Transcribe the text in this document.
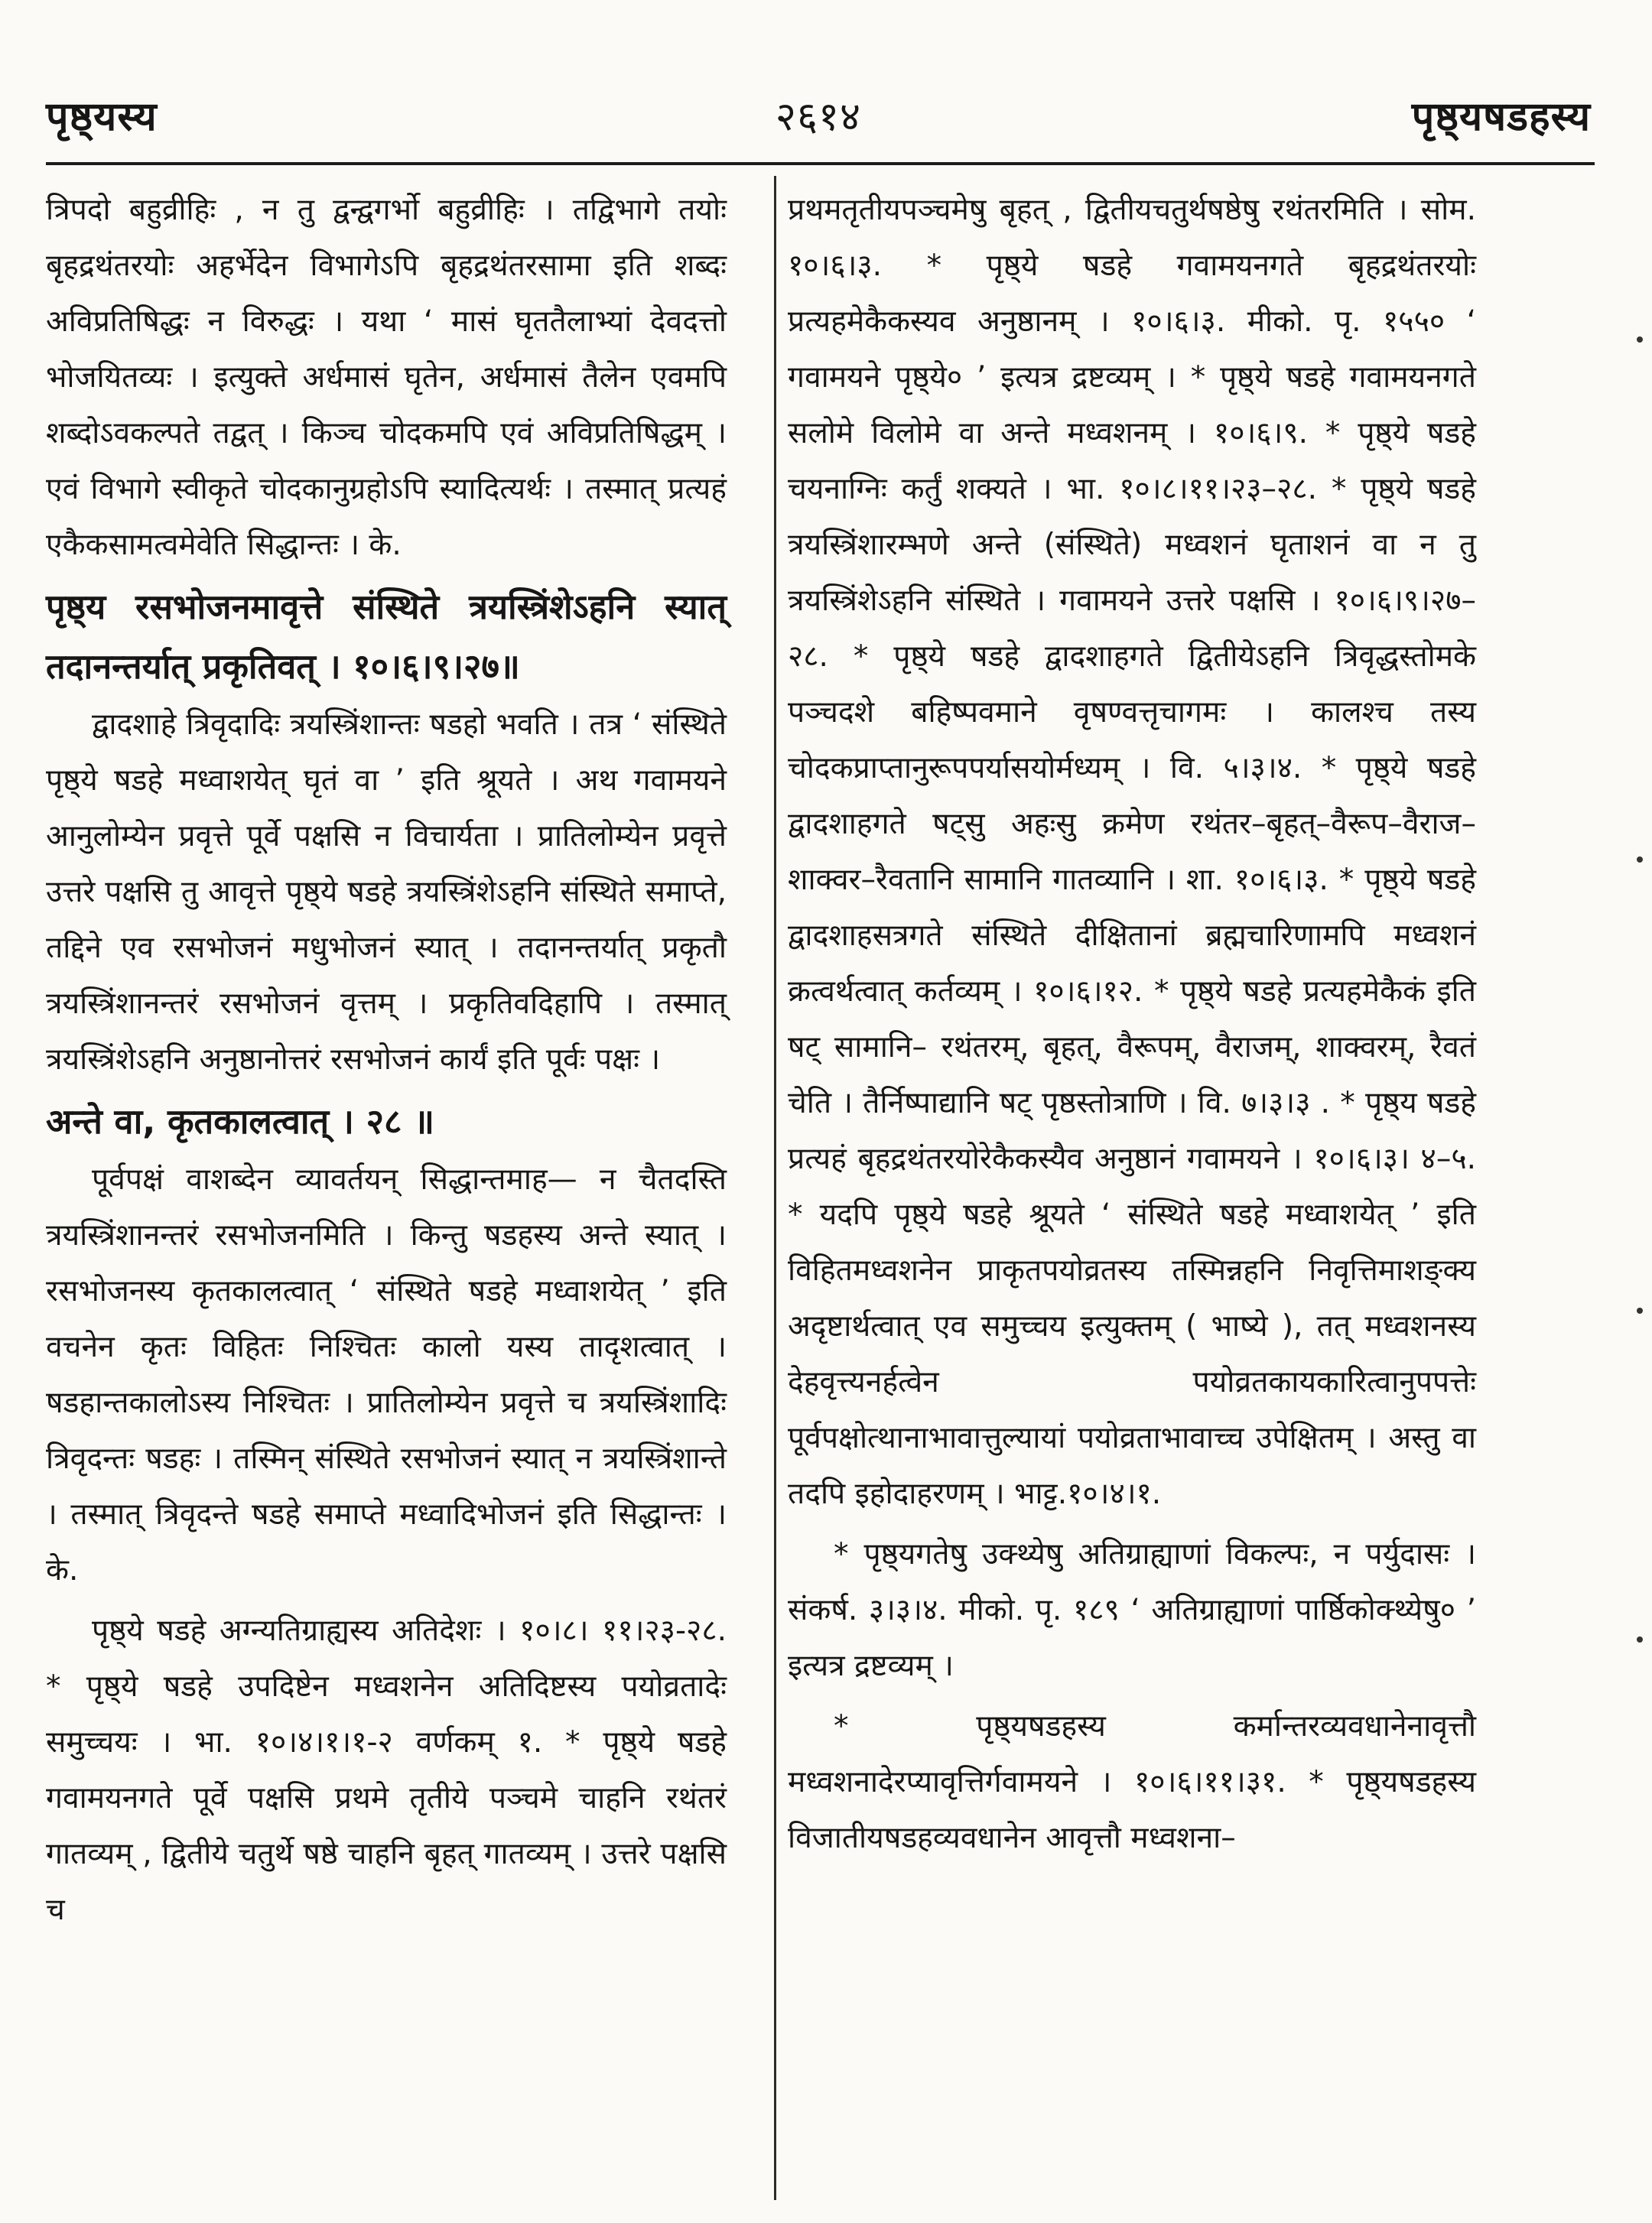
पृष्ठ्यस्य	२६१४	पृष्ठ्यषडहस्य

त्रिपदो बहुव्रीहिः , न तु द्वन्द्वगर्भो बहुव्रीहिः । तद्विभागे तयोः बृहद्रथंतरयोः अहर्भेदेन विभागेऽपि बृहद्रथंतरसामा इति शब्दः अविप्रतिषिद्धः न विरुद्धः । यथा ‘ मासं घृततैलाभ्यां देवदत्तो भोजयितव्यः । इत्युक्ते अर्धमासं घृतेन, अर्धमासं तैलेन एवमपि शब्दोऽवकल्पते तद्वत् । किञ्च चोदकमपि एवं अविप्रतिषिद्धम् । एवं विभागे स्वीकृते चोदकानुग्रहोऽपि स्यादित्यर्थः । तस्मात् प्रत्यहं एकैकसामत्वमेवेति सिद्धान्तः । के.

पृष्ठ्य रसभोजनमावृत्ते संस्थिते त्रयस्त्रिंशेऽहनि स्यात् तदानन्तर्यात् प्रकृतिवत् । १०।६।९।२७॥

द्वादशाहे त्रिवृदादिः त्रयस्त्रिंशान्तः षडहो भवति । तत्र ‘ संस्थिते पृष्ठ्ये षडहे मध्वाशयेत् घृतं वा ’ इति श्रूयते । अथ गवामयने आनुलोम्येन प्रवृत्ते पूर्वे पक्षसि न विचार्यता । प्रातिलोम्येन प्रवृत्ते उत्तरे पक्षसि तु आवृत्ते पृष्ठ्ये षडहे त्रयस्त्रिंशेऽहनि संस्थिते समाप्ते, तद्दिने एव रसभोजनं मधुभोजनं स्यात् । तदानन्तर्यात् प्रकृतौ त्रयस्त्रिंशानन्तरं रसभोजनं वृत्तम् । प्रकृतिवदिहापि । तस्मात् त्रयस्त्रिंशेऽहनि अनुष्ठानोत्तरं रसभोजनं कार्यं इति पूर्वः पक्षः ।

अन्ते वा, कृतकालत्वात् । २८ ॥

पूर्वपक्षं वाशब्देन व्यावर्तयन् सिद्धान्तमाह— न चैतदस्ति त्रयस्त्रिंशानन्तरं रसभोजनमिति । किन्तु षडहस्य अन्ते स्यात् । रसभोजनस्य कृतकालत्वात् ‘ संस्थिते षडहे मध्वाशयेत् ’ इति वचनेन कृतः विहितः निश्चितः कालो यस्य तादृशत्वात् । षडहान्तकालोऽस्य निश्चितः । प्रातिलोम्येन प्रवृत्ते च त्रयस्त्रिंशादिः त्रिवृदन्तः षडहः । तस्मिन् संस्थिते रसभोजनं स्यात् न त्रयस्त्रिंशान्ते । तस्मात् त्रिवृदन्ते षडहे समाप्ते मध्वादिभोजनं इति सिद्धान्तः । के.

पृष्ठ्ये षडहे अग्न्यतिग्राह्यस्य अतिदेशः । १०।८। ११।२३-२८. * पृष्ठ्ये षडहे उपदिष्टेन मध्वशनेन अतिदिष्टस्य पयोव्रतादेः समुच्चयः । भा. १०।४।१।१-२ वर्णकम् १. * पृष्ठ्ये षडहे गवामयनगते पूर्वे पक्षसि प्रथमे तृतीये पञ्चमे चाहनि रथंतरं गातव्यम् , द्वितीये चतुर्थे षष्ठे चाहनि बृहत् गातव्यम् । उत्तरे पक्षसि च

प्रथमतृतीयपञ्चमेषु बृहत् , द्वितीयचतुर्थषष्ठेषु रथंतरमिति । सोम. १०।६।३. * पृष्ठ्ये षडहे गवामयनगते बृहद्रथंतरयोः प्रत्यहमेकैकस्यव अनुष्ठानम् । १०।६।३. मीको. पृ. १५५० ‘ गवामयने पृष्ठ्ये० ’ इत्यत्र द्रष्टव्यम् । * पृष्ठ्ये षडहे गवामयनगते सलोमे विलोमे वा अन्ते मध्वशनम् । १०।६।९. * पृष्ठ्ये षडहे चयनाग्निः कर्तुं शक्यते । भा. १०।८।११।२३–२८. * पृष्ठ्ये षडहे त्रयस्त्रिंशारम्भणे अन्ते (संस्थिते) मध्वशनं घृताशनं वा न तु त्रयस्त्रिंशेऽहनि संस्थिते । गवामयने उत्तरे पक्षसि । १०।६।९।२७–२८. * पृष्ठ्ये षडहे द्वादशाहगते द्वितीयेऽहनि त्रिवृद्धस्तोमके पञ्चदशे बहिष्पवमाने वृषण्वत्तृचागमः । कालश्च तस्य चोदकप्राप्तानुरूपपर्यासयोर्मध्यम् । वि. ५।३।४. * पृष्ठ्ये षडहे द्वादशाहगते षट्सु अहःसु क्रमेण रथंतर–बृहत्–वैरूप–वैराज–शाक्वर–रैवतानि सामानि गातव्यानि । शा. १०।६।३. * पृष्ठ्ये षडहे द्वादशाहसत्रगते संस्थिते दीक्षितानां ब्रह्मचारिणामपि मध्वशनं क्रत्वर्थत्वात् कर्तव्यम् । १०।६।१२. * पृष्ठ्ये षडहे प्रत्यहमेकैकं इति षट् सामानि– रथंतरम्, बृहत्, वैरूपम्, वैराजम्, शाक्वरम्, रैवतं चेति । तैर्निष्पाद्यानि षट् पृष्ठस्तोत्राणि । वि. ७।३।३ . * पृष्ठ्य षडहे प्रत्यहं बृहद्रथंतरयोरेकैकस्यैव अनुष्ठानं गवामयने । १०।६।३। ४–५. * यदपि पृष्ठ्ये षडहे श्रूयते ‘ संस्थिते षडहे मध्वाशयेत् ’ इति विहितमध्वशनेन प्राकृतपयोव्रतस्य तस्मिन्नहनि निवृत्तिमाशङ्क्य अदृष्टार्थत्वात् एव समुच्चय इत्युक्तम् ( भाष्ये ), तत् मध्वशनस्य देहवृत्त्यनर्हत्वेन पयोव्रतकायकारित्वानुपपत्तेः पूर्वपक्षोत्थानाभावात्तुल्यायां पयोव्रताभावाच्च उपेक्षितम् । अस्तु वा तदपि इहोदाहरणम् । भाट्ट.१०।४।१.

* पृष्ठ्यगतेषु उक्थ्येषु अतिग्राह्याणां विकल्पः, न पर्युदासः । संकर्ष. ३।३।४. मीको. पृ. १८९ ‘ अतिग्राह्याणां पार्ष्ठिकोक्थ्येषु० ’ इत्यत्र द्रष्टव्यम् ।

* पृष्ठ्यषडहस्य कर्मान्तरव्यवधानेनावृत्तौ मध्वशनादेरप्यावृत्तिर्गवामयने । १०।६।११।३१. * पृष्ठ्यषडहस्य विजातीयषडहव्यवधानेन आवृत्तौ मध्वशना–
